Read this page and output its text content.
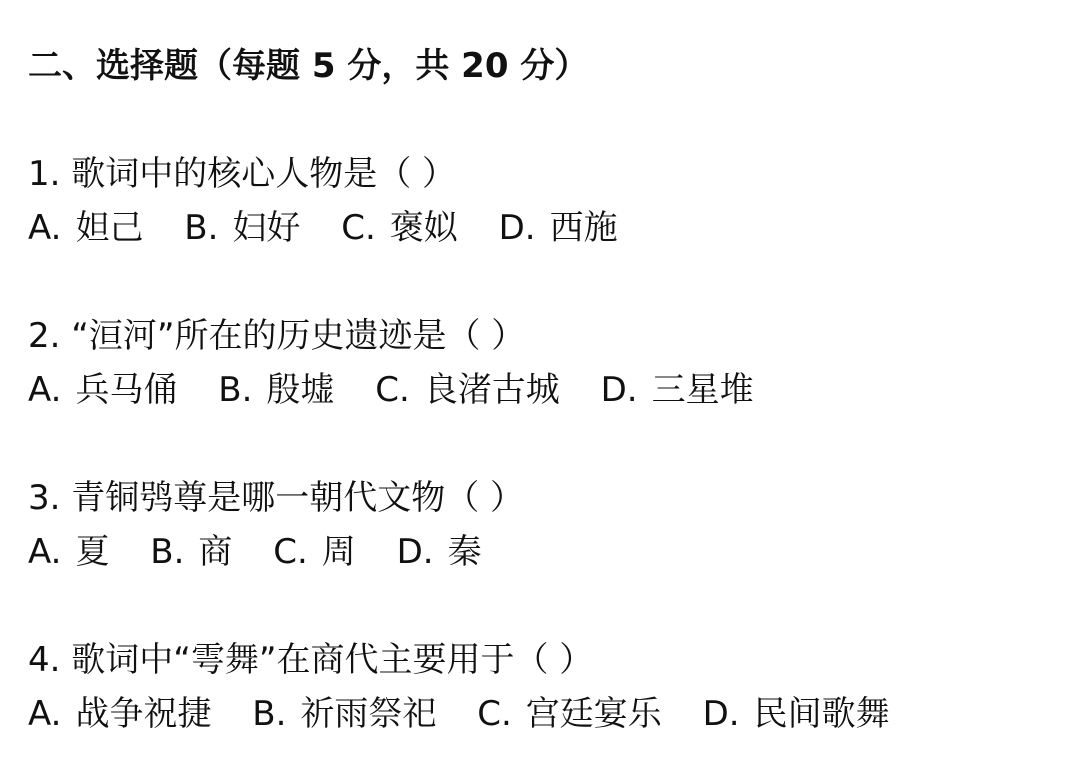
二、选择题（每题 5 分，共 20 分）
1. 歌词中的核心人物是（ ）
A. 妲己 B. 妇好 C. 褒姒 D. 西施
2. “洹河”所在的历史遗迹是（ ）
A. 兵马俑 B. 殷墟 C. 良渚古城 D. 三星堆
3. 青铜鸮尊是哪一朝代文物（ ）
A. 夏 B. 商 C. 周 D. 秦
4. 歌词中“雩舞”在商代主要用于（ ）
A. 战争祝捷 B. 祈雨祭祀 C. 宫廷宴乐 D. 民间歌舞
